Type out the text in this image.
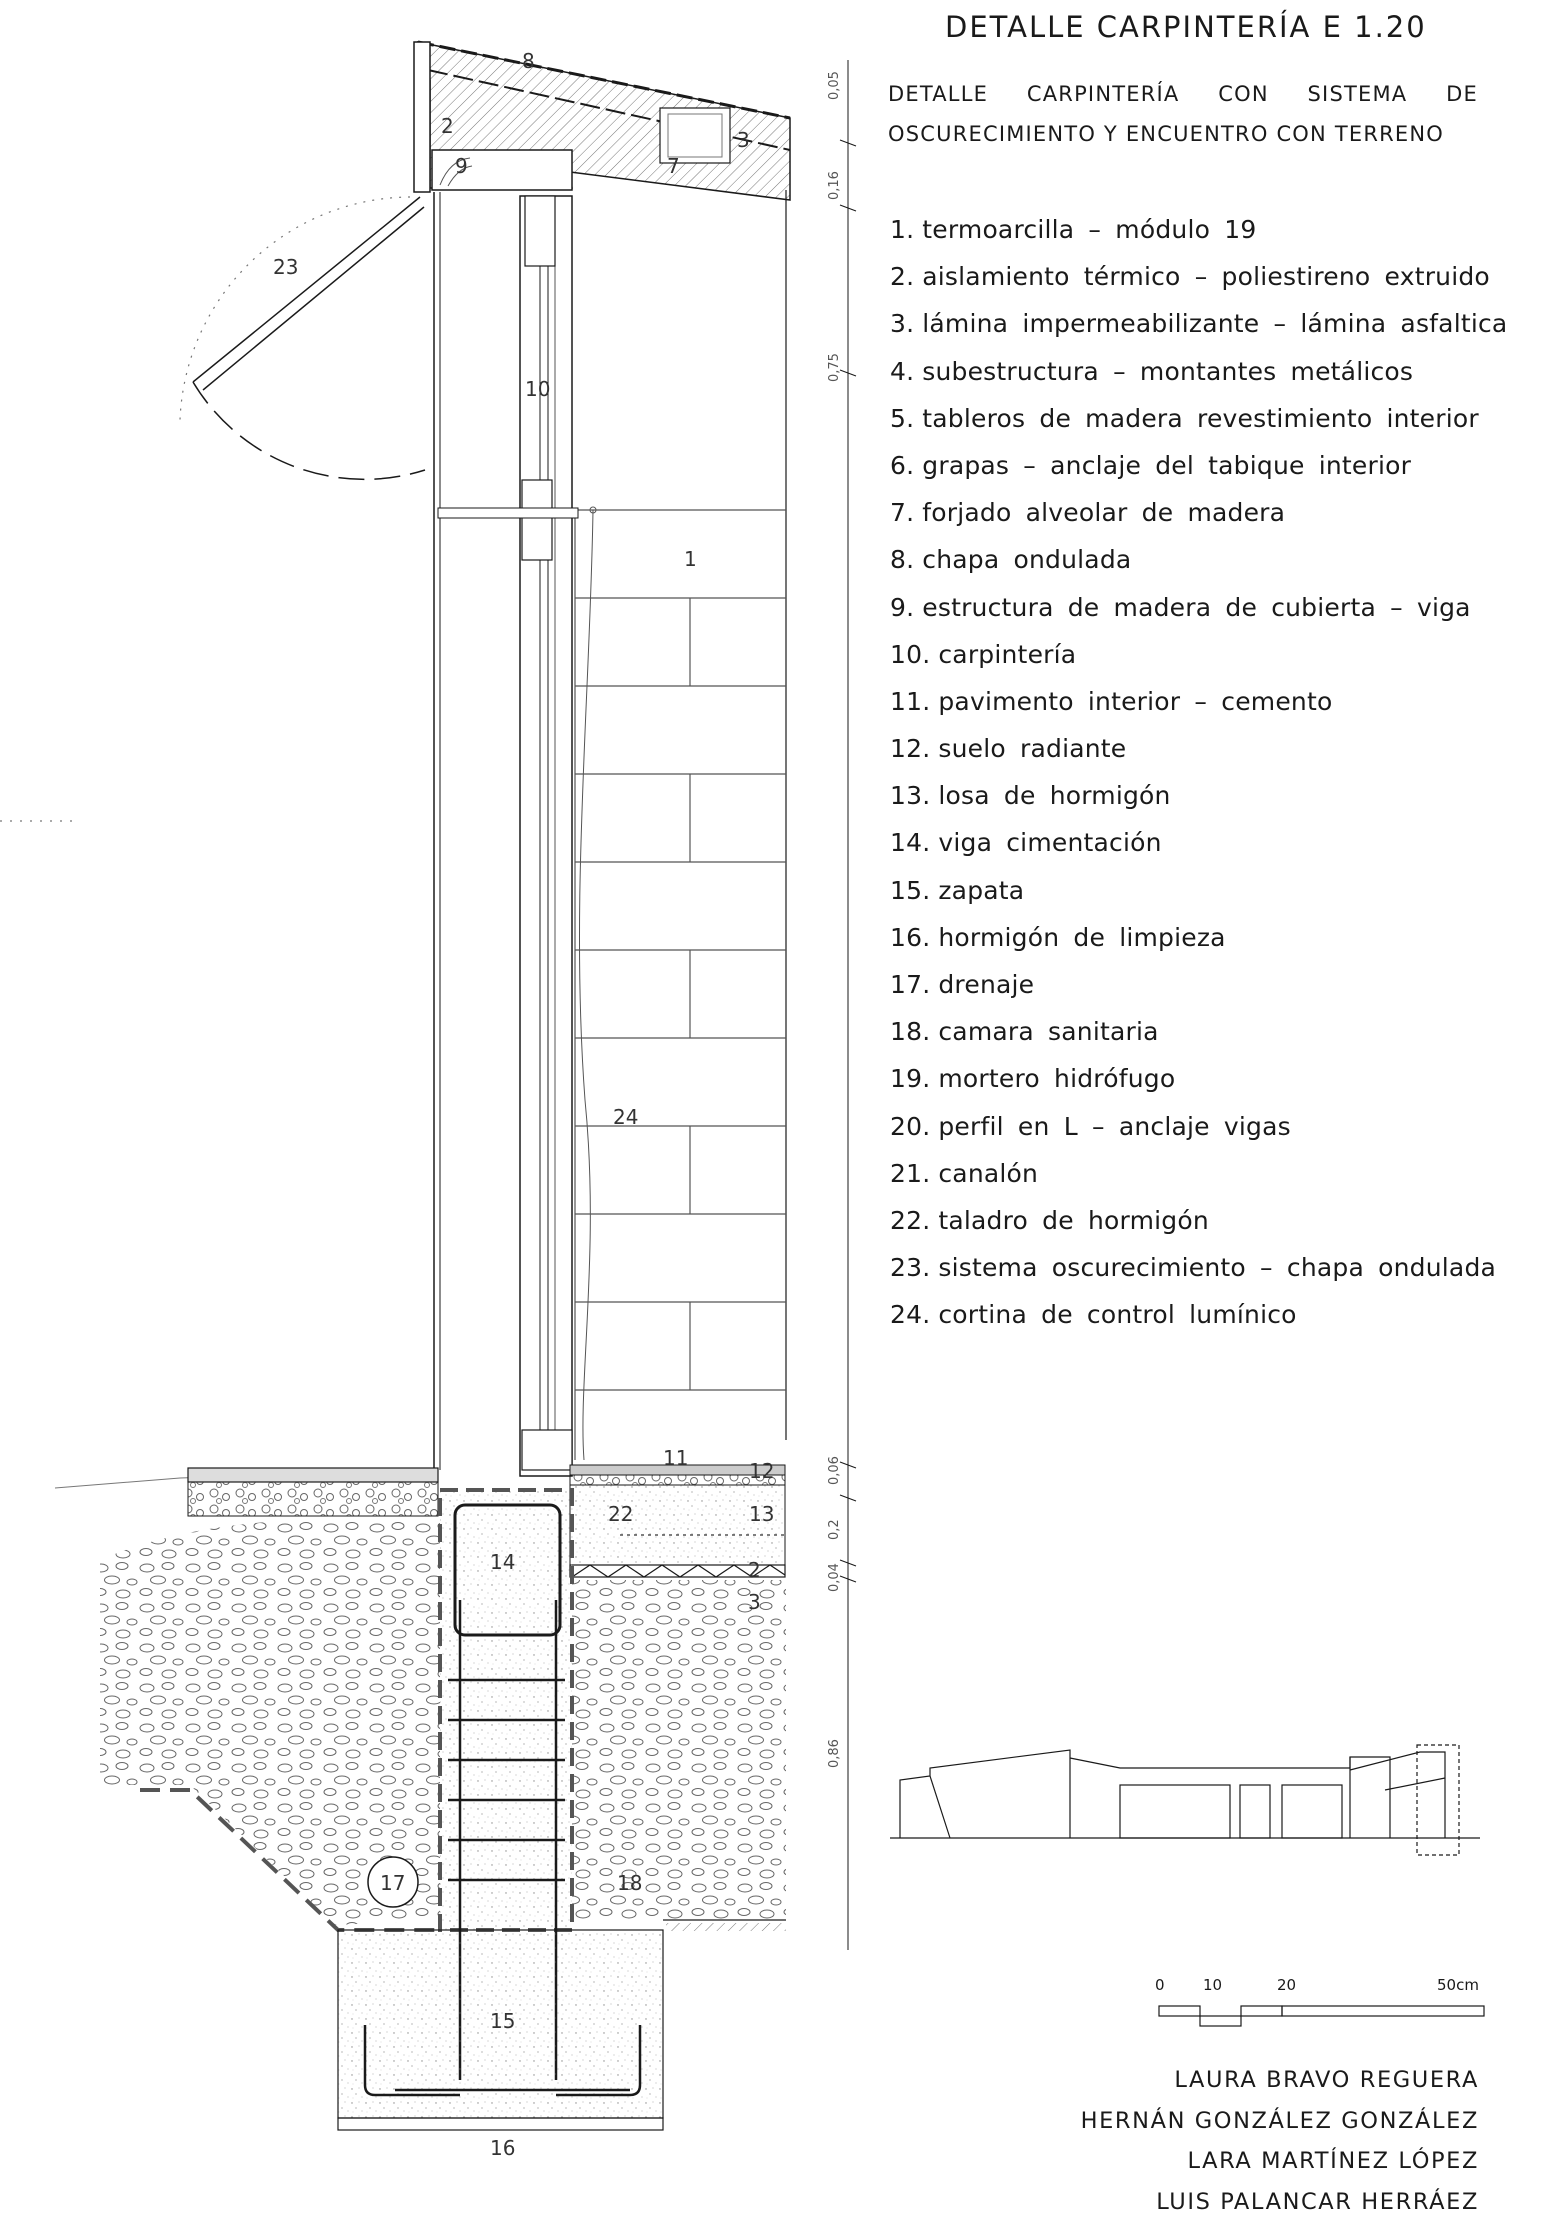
0,05
0,16
0,75
0,06
0,2
0,04
0,86
8
2
9	7
3
23
10
1
24
11
12
22	13
14	2
3
17	18
15
16
DETALLE CARPINTERÍA E 1.20
DETALLE CARPINTERÍA CON SISTEMA DE
OSCURECIMIENTO Y ENCUENTRO CON TERRENO
1. termoarcilla – módulo 19
2. aislamiento térmico – poliestireno extruido
3. lámina impermeabilizante – lámina asfaltica
4. subestructura – montantes metálicos
5. tableros de madera revestimiento interior
6. grapas – anclaje del tabique interior
7. forjado alveolar de madera
8. chapa ondulada
9. estructura de madera de cubierta – viga
10. carpintería
11. pavimento interior – cemento
12. suelo radiante
13. losa de hormigón
14. viga cimentación
15. zapata
16. hormigón de limpieza
17. drenaje
18. camara sanitaria
19. mortero hidrófugo
20. perfil en L – anclaje vigas
21. canalón
22. taladro de hormigón
23. sistema oscurecimiento – chapa ondulada
24. cortina de control lumínico
0	10	20	50cm
LAURA BRAVO REGUERA
HERNÁN GONZÁLEZ GONZÁLEZ
LARA MARTÍNEZ LÓPEZ
LUIS PALANCAR HERRÁEZ
